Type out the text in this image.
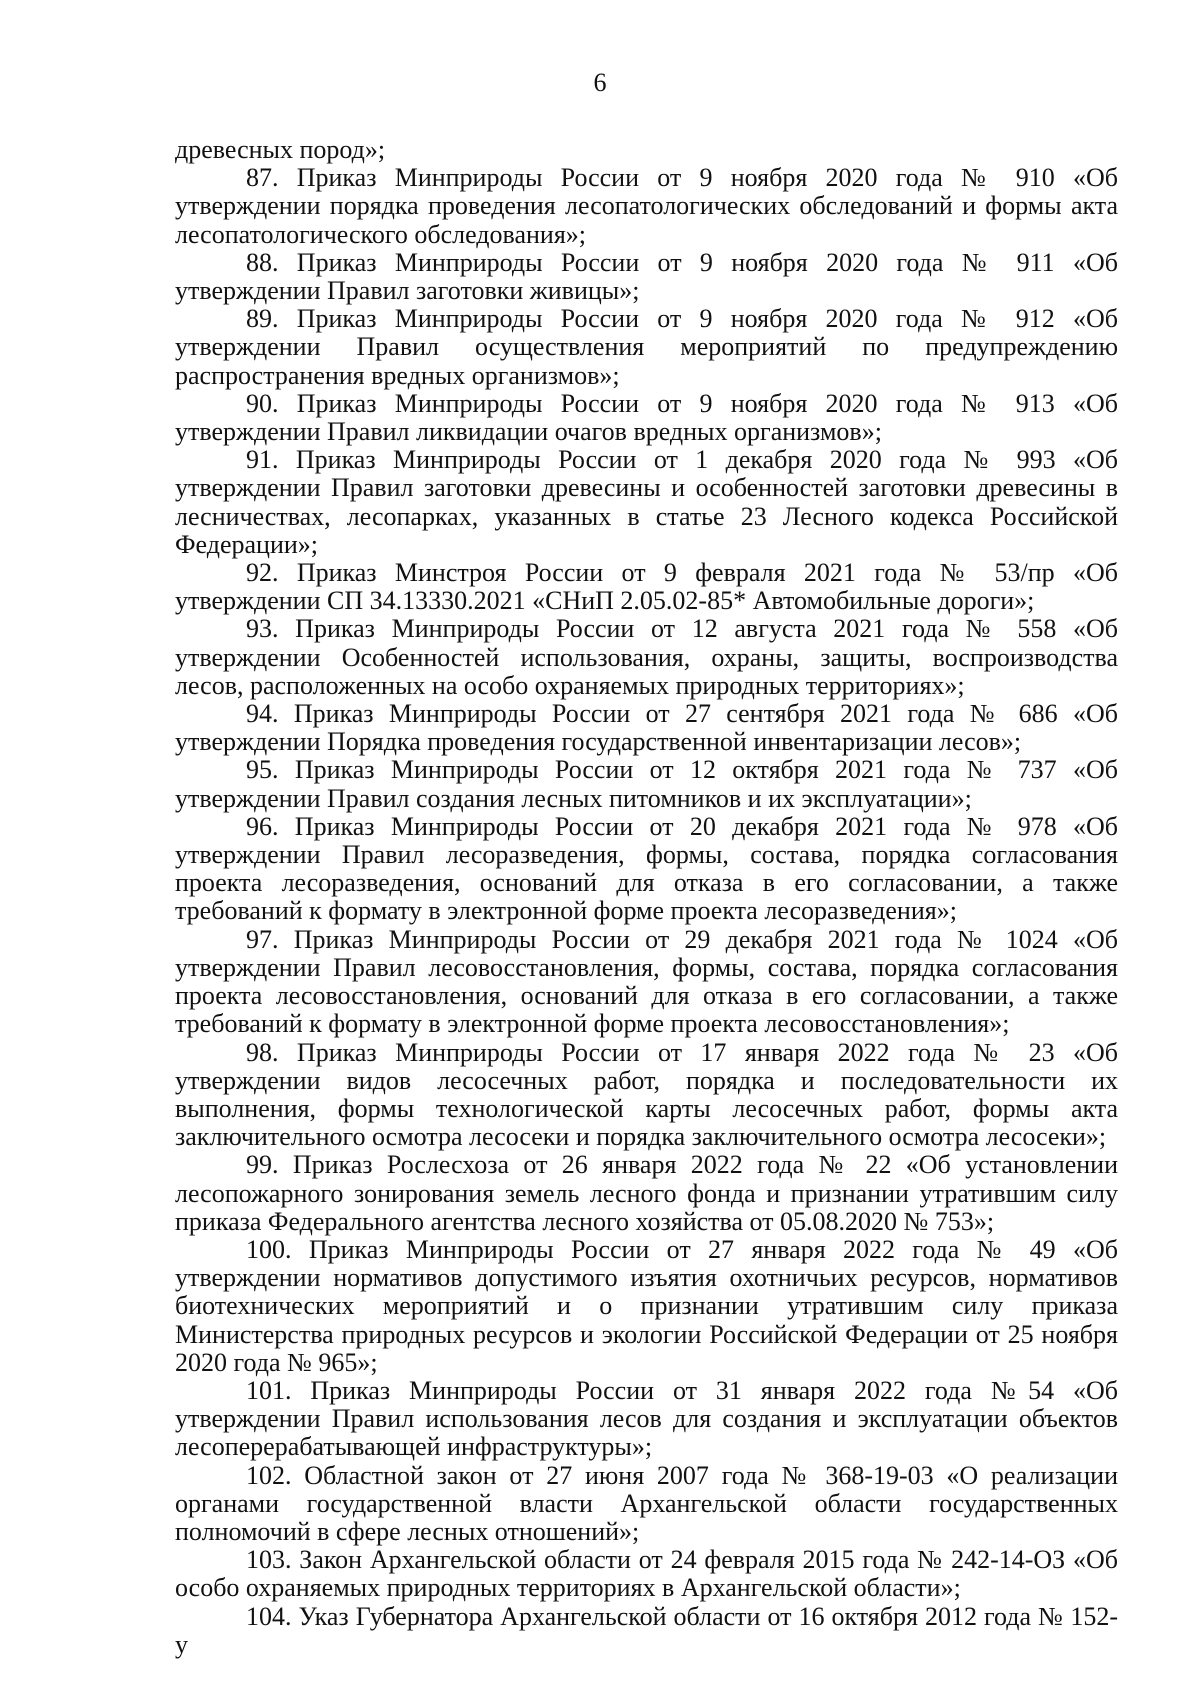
6

древесных пород»;

87. Приказ Минприроды России от 9 ноября 2020 года № 910 «Об утверждении порядка проведения лесопатологических обследований и формы акта лесопатологического обследования»;

88. Приказ Минприроды России от 9 ноября 2020 года № 911 «Об утверждении Правил заготовки живицы»;

89. Приказ Минприроды России от 9 ноября 2020 года № 912 «Об утверждении Правил осуществления мероприятий по предупреждению распространения вредных организмов»;

90. Приказ Минприроды России от 9 ноября 2020 года № 913 «Об утверждении Правил ликвидации очагов вредных организмов»;

91. Приказ Минприроды России от 1 декабря 2020 года № 993 «Об утверждении Правил заготовки древесины и особенностей заготовки древесины в лесничествах, лесопарках, указанных в статье 23 Лесного кодекса Российской Федерации»;

92. Приказ Минстроя России от 9 февраля 2021 года № 53/пр «Об утверждении СП 34.13330.2021 «СНиП 2.05.02-85* Автомобильные дороги»;

93. Приказ Минприроды России от 12 августа 2021 года № 558 «Об утверждении Особенностей использования, охраны, защиты, воспроизводства лесов, расположенных на особо охраняемых природных территориях»;

94. Приказ Минприроды России от 27 сентября 2021 года № 686 «Об утверждении Порядка проведения государственной инвентаризации лесов»;

95. Приказ Минприроды России от 12 октября 2021 года № 737 «Об утверждении Правил создания лесных питомников и их эксплуатации»;

96. Приказ Минприроды России от 20 декабря 2021 года № 978 «Об утверждении Правил лесоразведения, формы, состава, порядка согласования проекта лесоразведения, оснований для отказа в его согласовании, а также требований к формату в электронной форме проекта лесоразведения»;

97. Приказ Минприроды России от 29 декабря 2021 года № 1024 «Об утверждении Правил лесовосстановления, формы, состава, порядка согласования проекта лесовосстановления, оснований для отказа в его согласовании, а также требований к формату в электронной форме проекта лесовосстановления»;

98. Приказ Минприроды России от 17 января 2022 года № 23 «Об утверждении видов лесосечных работ, порядка и последовательности их выполнения, формы технологической карты лесосечных работ, формы акта заключительного осмотра лесосеки и порядка заключительного осмотра лесосеки»;

99. Приказ Рослесхоза от 26 января 2022 года № 22 «Об установлении лесопожарного зонирования земель лесного фонда и признании утратившим силу приказа Федерального агентства лесного хозяйства от 05.08.2020 № 753»;

100. Приказ Минприроды России от 27 января 2022 года № 49 «Об утверждении нормативов допустимого изъятия охотничьих ресурсов, нормативов биотехнических мероприятий и о признании утратившим силу приказа Министерства природных ресурсов и экологии Российской Федерации от 25 ноября 2020 года № 965»;

101. Приказ Минприроды России от 31 января 2022 года №54 «Об утверждении Правил использования лесов для создания и эксплуатации объектов лесоперерабатывающей инфраструктуры»;

102. Областной закон от 27 июня 2007 года № 368-19-03 «О реализации органами государственной власти Архангельской области государственных полномочий в сфере лесных отношений»;

103. Закон Архангельской области от 24 февраля 2015 года № 242-14-ОЗ «Об особо охраняемых природных территориях в Архангельской области»;

104. Указ Губернатора Архангельской области от 16 октября 2012 года № 152-у
